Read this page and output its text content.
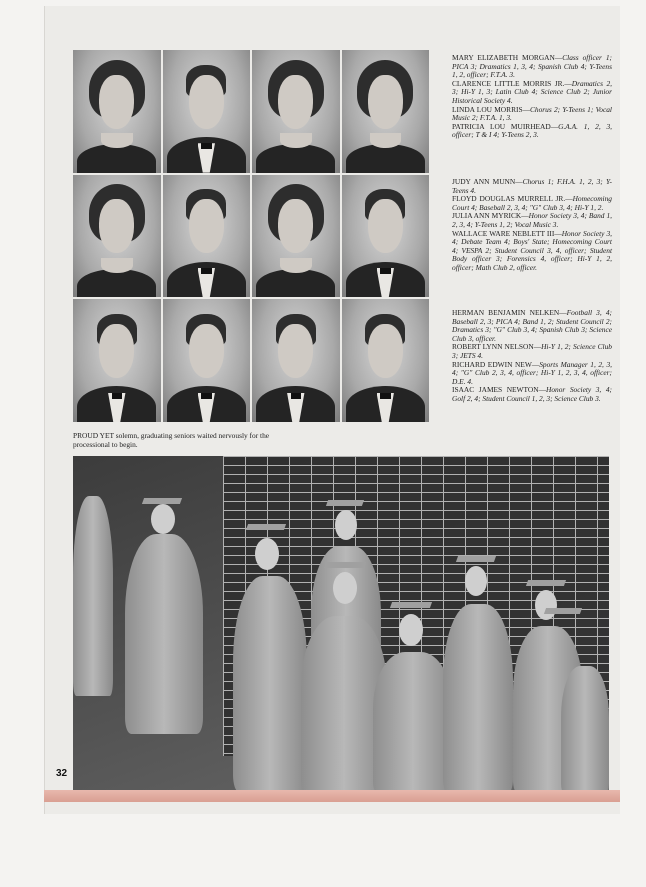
MARY ELIZABETH MORGAN—Class officer 1; PICA 3; Dramatics 1, 3, 4; Spanish Club 4; Y-Teens 1, 2, officer; F.T.A. 3.

CLARENCE LITTLE MORRIS JR.—Dramatics 2, 3; Hi-Y 1, 3; Latin Club 4; Science Club 2; Junior Historical Society 4.

LINDA LOU MORRIS—Chorus 2; Y-Teens 1; Vocal Music 2; F.T.A. 1, 3.

PATRICIA LOU MUIRHEAD—G.A.A. 1, 2, 3, officer; T & I 4; Y-Teens 2, 3.

JUDY ANN MUNN—Chorus 1; F.H.A. 1, 2, 3; Y-Teens 4.

FLOYD DOUGLAS MURRELL JR.—Homecoming Court 4; Baseball 2, 3, 4; "G" Club 3, 4; Hi-Y 1, 2.

JULIA ANN MYRICK—Honor Society 3, 4; Band 1, 2, 3, 4; Y-Teens 1, 2; Vocal Music 3.

WALLACE WARE NEBLETT III—Honor Society 3, 4; Debate Team 4; Boys' State; Homecoming Court 4; VESPA 2; Student Council 3, 4, officer; Student Body officer 3; Forensics 4, officer; Hi-Y 1, 2, officer; Math Club 2, officer.

HERMAN BENJAMIN NELKEN—Football 3, 4; Baseball 2, 3; PICA 4; Band 1, 2; Student Council 2; Dramatics 3; "G" Club 3, 4; Spanish Club 3; Science Club 3, officer.

ROBERT LYNN NELSON—Hi-Y 1, 2; Science Club 3; JETS 4.

RICHARD EDWIN NEW—Sports Manager 1, 2, 3, 4; "G" Club 2, 3, 4, officer; Hi-Y 1, 2, 3, 4, officer; D.E. 4.

ISAAC JAMES NEWTON—Honor Society 3, 4; Golf 2, 4; Student Council 1, 2, 3; Science Club 3.

PROUD YET solemn, graduating seniors waited nervously for the processional to begin.
32
